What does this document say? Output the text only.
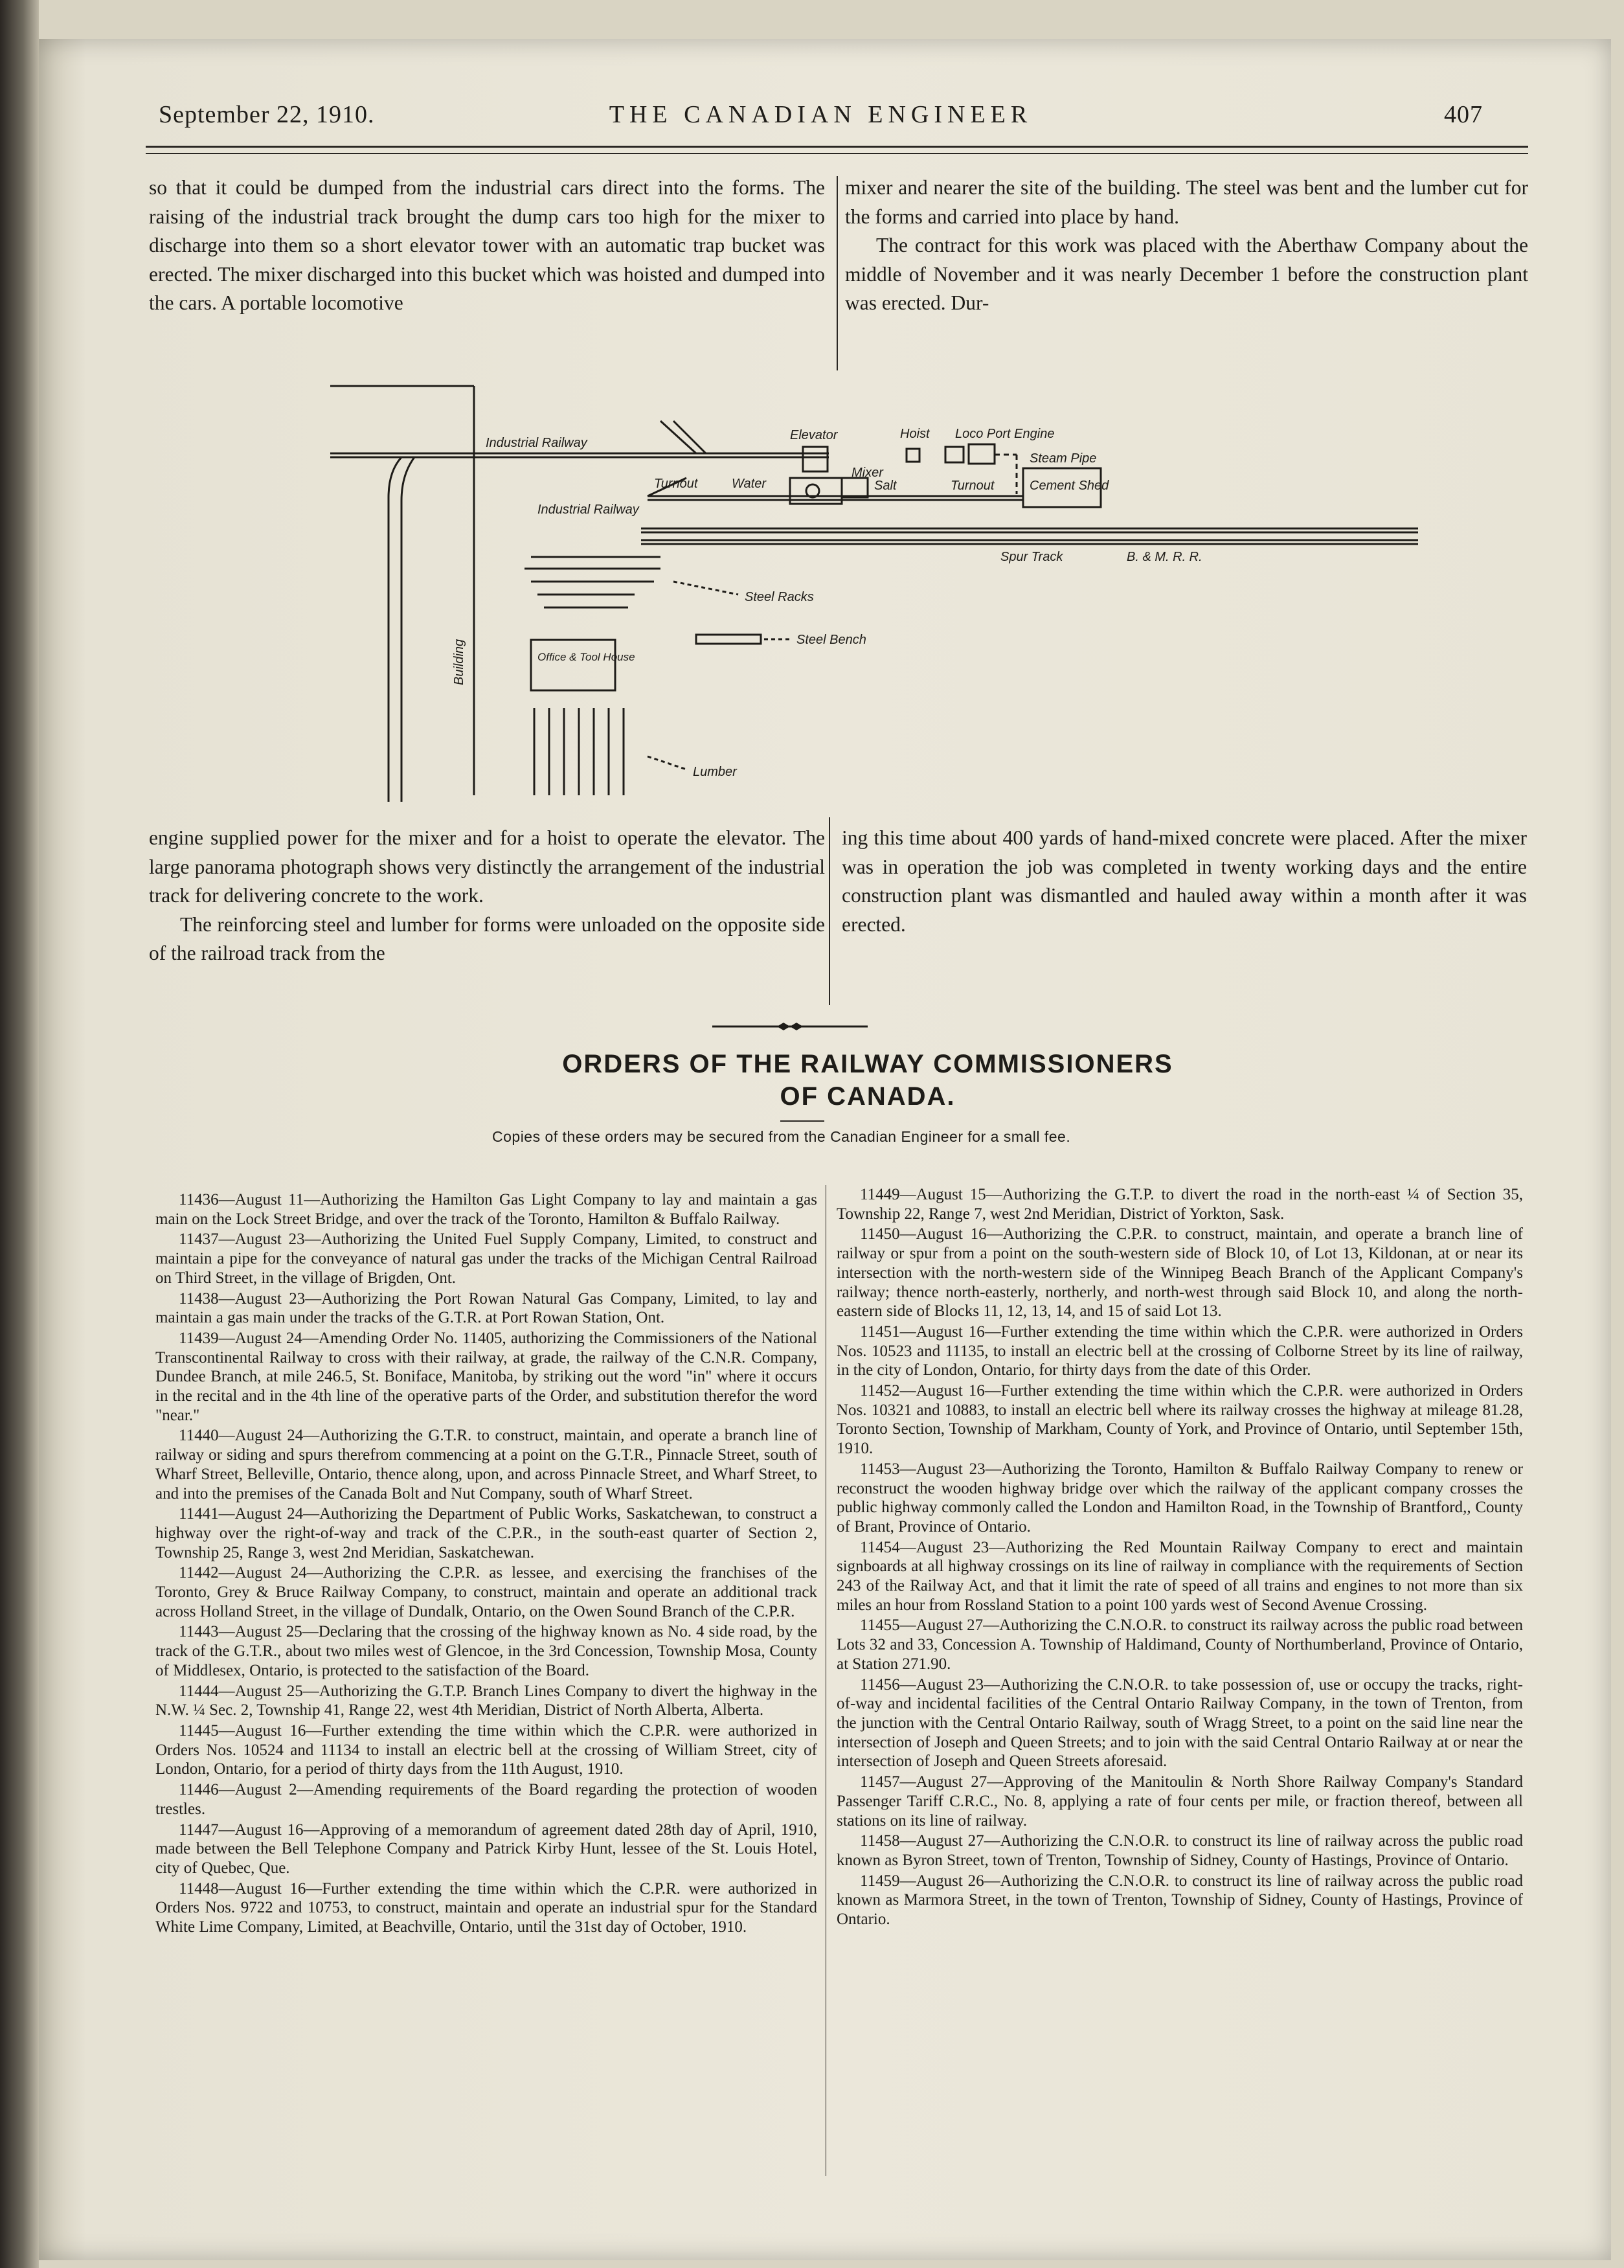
September 22, 1910.	THE CANADIAN ENGINEER	407

so that it could be dumped from the industrial cars direct into the forms. The raising of the industrial track brought the dump cars too high for the mixer to discharge into them so a short elevator tower with an automatic trap bucket was erected. The mixer discharged into this bucket which was hoisted and dumped into the cars. A portable locomotive

mixer and nearer the site of the building. The steel was bent and the lumber cut for the forms and carried into place by hand.

The contract for this work was placed with the Aberthaw Company about the middle of November and it was nearly December 1 before the construction plant was erected. Dur-

Industrial Railway
Elevator	Hoist Loco Port Engine
Steam Pipe
Turnout	Water
Mixer
Salt	Turnout	Cement Shed
Industrial Railway
Spur Track	B. & M. R. R.
Steel Racks
Steel Bench
Office & Tool House
Building
Lumber

engine supplied power for the mixer and for a hoist to operate the elevator. The large panorama photograph shows very distinctly the arrangement of the industrial track for delivering concrete to the work.

The reinforcing steel and lumber for forms were unloaded on the opposite side of the railroad track from the

ing this time about 400 yards of hand-mixed concrete were placed. After the mixer was in operation the job was completed in twenty working days and the entire construction plant was dismantled and hauled away within a month after it was erected.

ORDERS OF THE RAILWAY COMMISSIONERS
OF CANADA.
Copies of these orders may be secured from the Canadian Engineer for a small fee.

11436—August 11—Authorizing the Hamilton Gas Light Company to lay and maintain a gas main on the Lock Street Bridge, and over the track of the Toronto, Hamilton & Buffalo Railway.

11437—August 23—Authorizing the United Fuel Supply Company, Limited, to construct and maintain a pipe for the conveyance of natural gas under the tracks of the Michigan Central Railroad on Third Street, in the village of Brigden, Ont.

11438—August 23—Authorizing the Port Rowan Natural Gas Company, Limited, to lay and maintain a gas main under the tracks of the G.T.R. at Port Rowan Station, Ont.

11439—August 24—Amending Order No. 11405, authorizing the Commissioners of the National Transcontinental Railway to cross with their railway, at grade, the railway of the C.N.R. Company, Dundee Branch, at mile 246.5, St. Boniface, Manitoba, by striking out the word "in" where it occurs in the recital and in the 4th line of the operative parts of the Order, and substitution therefor the word "near."

11440—August 24—Authorizing the G.T.R. to construct, maintain, and operate a branch line of railway or siding and spurs therefrom commencing at a point on the G.T.R., Pinnacle Street, south of Wharf Street, Belleville, Ontario, thence along, upon, and across Pinnacle Street, and Wharf Street, to and into the premises of the Canada Bolt and Nut Company, south of Wharf Street.

11441—August 24—Authorizing the Department of Public Works, Saskatchewan, to construct a highway over the right-of-way and track of the C.P.R., in the south-east quarter of Section 2, Township 25, Range 3, west 2nd Meridian, Saskatchewan.

11442—August 24—Authorizing the C.P.R. as lessee, and exercising the franchises of the Toronto, Grey & Bruce Railway Company, to construct, maintain and operate an additional track across Holland Street, in the village of Dundalk, Ontario, on the Owen Sound Branch of the C.P.R.

11443—August 25—Declaring that the crossing of the highway known as No. 4 side road, by the track of the G.T.R., about two miles west of Glencoe, in the 3rd Concession, Township Mosa, County of Middlesex, Ontario, is protected to the satisfaction of the Board.

11444—August 25—Authorizing the G.T.P. Branch Lines Company to divert the highway in the N.W. ¼ Sec. 2, Township 41, Range 22, west 4th Meridian, District of North Alberta, Alberta.

11445—August 16—Further extending the time within which the C.P.R. were authorized in Orders Nos. 10524 and 11134 to install an electric bell at the crossing of William Street, city of London, Ontario, for a period of thirty days from the 11th August, 1910.

11446—August 2—Amending requirements of the Board regarding the protection of wooden trestles.

11447—August 16—Approving of a memorandum of agreement dated 28th day of April, 1910, made between the Bell Telephone Company and Patrick Kirby Hunt, lessee of the St. Louis Hotel, city of Quebec, Que.

11448—August 16—Further extending the time within which the C.P.R. were authorized in Orders Nos. 9722 and 10753, to construct, maintain and operate an industrial spur for the Standard White Lime Company, Limited, at Beachville, Ontario, until the 31st day of October, 1910.

11449—August 15—Authorizing the G.T.P. to divert the road in the north-east ¼ of Section 35, Township 22, Range 7, west 2nd Meridian, District of Yorkton, Sask.

11450—August 16—Authorizing the C.P.R. to construct, maintain, and operate a branch line of railway or spur from a point on the south-western side of Block 10, of Lot 13, Kildonan, at or near its intersection with the north-western side of the Winnipeg Beach Branch of the Applicant Company's railway; thence north-easterly, northerly, and north-west through said Block 10, and along the north-eastern side of Blocks 11, 12, 13, 14, and 15 of said Lot 13.

11451—August 16—Further extending the time within which the C.P.R. were authorized in Orders Nos. 10523 and 11135, to install an electric bell at the crossing of Colborne Street by its line of railway, in the city of London, Ontario, for thirty days from the date of this Order.

11452—August 16—Further extending the time within which the C.P.R. were authorized in Orders Nos. 10321 and 10883, to install an electric bell where its railway crosses the highway at mileage 81.28, Toronto Section, Township of Markham, County of York, and Province of Ontario, until September 15th, 1910.

11453—August 23—Authorizing the Toronto, Hamilton & Buffalo Railway Company to renew or reconstruct the wooden highway bridge over which the railway of the applicant company crosses the public highway commonly called the London and Hamilton Road, in the Township of Brantford,, County of Brant, Province of Ontario.

11454—August 23—Authorizing the Red Mountain Railway Company to erect and maintain signboards at all highway crossings on its line of railway in compliance with the requirements of Section 243 of the Railway Act, and that it limit the rate of speed of all trains and engines to not more than six miles an hour from Rossland Station to a point 100 yards west of Second Avenue Crossing.

11455—August 27—Authorizing the C.N.O.R. to construct its railway across the public road between Lots 32 and 33, Concession A. Township of Haldimand, County of Northumberland, Province of Ontario, at Station 271.90.

11456—August 23—Authorizing the C.N.O.R. to take possession of, use or occupy the tracks, right-of-way and incidental facilities of the Central Ontario Railway Company, in the town of Trenton, from the junction with the Central Ontario Railway, south of Wragg Street, to a point on the said line near the intersection of Joseph and Queen Streets; and to join with the said Central Ontario Railway at or near the intersection of Joseph and Queen Streets aforesaid.

11457—August 27—Approving of the Manitoulin & North Shore Railway Company's Standard Passenger Tariff C.R.C., No. 8, applying a rate of four cents per mile, or fraction thereof, between all stations on its line of railway.

11458—August 27—Authorizing the C.N.O.R. to construct its line of railway across the public road known as Byron Street, town of Trenton, Township of Sidney, County of Hastings, Province of Ontario.

11459—August 26—Authorizing the C.N.O.R. to construct its line of railway across the public road known as Marmora Street, in the town of Trenton, Township of Sidney, County of Hastings, Province of Ontario.
